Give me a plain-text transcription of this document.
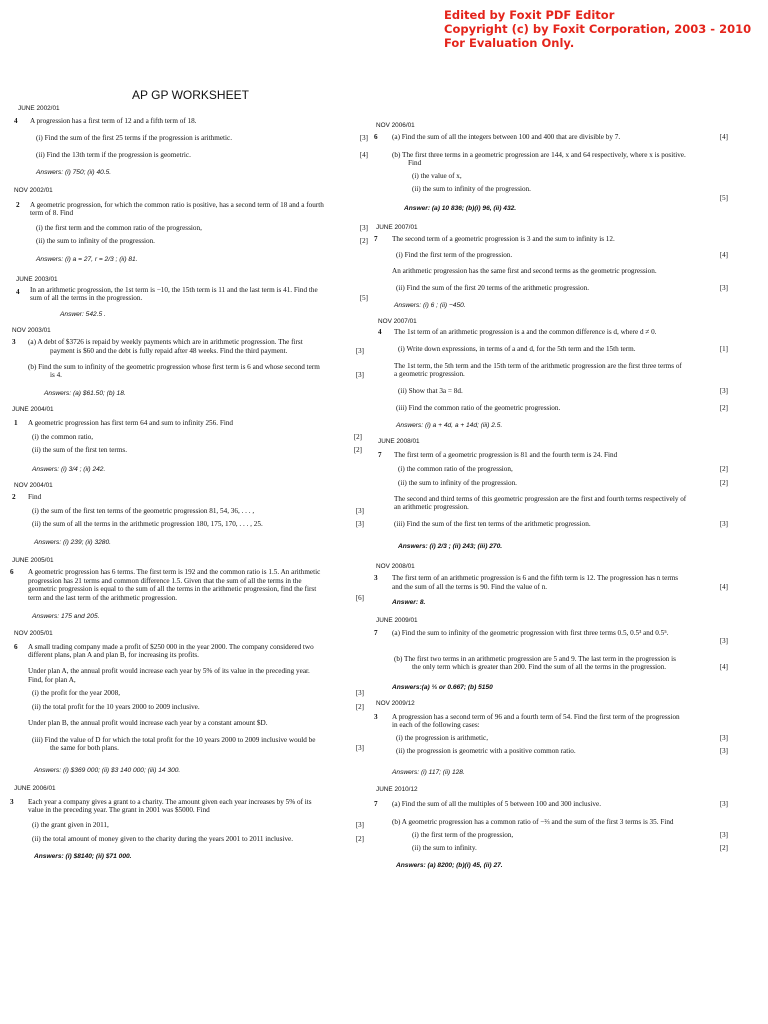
Edited by Foxit PDF Editor
Copyright (c) by Foxit Corporation, 2003 - 2010
For Evaluation Only.
AP GP WORKSHEET
JUNE 2002/01
4 A progression has a first term of 12 and a fifth term of 18.
(i) Find the sum of the first 25 terms if the progression is arithmetic.	[3]
(ii) Find the 13th term if the progression is geometric.	[4]
Answers: (i) 750; (ii) 40.5.
NOV 2002/01
2 A geometric progression, for which the common ratio is positive, has a second term of 18 and a fourth
term of 8. Find
(i) the first term and the common ratio of the progression,	[3]
(ii) the sum to infinity of the progression.	[2]
Answers: (i) a = 27, r = 2/3 ; (ii) 81.
JUNE 2003/01
4 In an arithmetic progression, the 1st term is −10, the 15th term is 11 and the last term is 41. Find the
sum of all the terms in the progression.	[5]
Answer: 542.5 .
NOV 2003/01
3 (a) A debt of $3726 is repaid by weekly payments which are in arithmetic progression. The first
payment is $60 and the debt is fully repaid after 48 weeks. Find the third payment.	[3]
(b) Find the sum to infinity of the geometric progression whose first term is 6 and whose second term
is 4.	[3]
Answers: (a) $61.50; (b) 18.
JUNE 2004/01
1 A geometric progression has first term 64 and sum to infinity 256. Find
(i) the common ratio,	[2]
(ii) the sum of the first ten terms.	[2]
Answers: (i) 3/4 ; (ii) 242.
NOV 2004/01
2 Find
(i) the sum of the first ten terms of the geometric progression 81, 54, 36, . . . ,	[3]
(ii) the sum of all the terms in the arithmetic progression 180, 175, 170, . . . , 25.	[3]
Answers: (i) 239; (ii) 3280.
JUNE 2005/01
6 A geometric progression has 6 terms. The first term is 192 and the common ratio is 1.5. An arithmetic
progression has 21 terms and common difference 1.5. Given that the sum of all the terms in the
geometric progression is equal to the sum of all the terms in the arithmetic progression, find the first
term and the last term of the arithmetic progression.	[6]
Answers: 175 and 205.
NOV 2005/01
6 A small trading company made a profit of $250 000 in the year 2000. The company considered two
different plans, plan A and plan B, for increasing its profits.
Under plan A, the annual profit would increase each year by 5% of its value in the preceding year.
Find, for plan A,
(i) the profit for the year 2008,	[3]
(ii) the total profit for the 10 years 2000 to 2009 inclusive.	[2]
Under plan B, the annual profit would increase each year by a constant amount $D.
(iii) Find the value of D for which the total profit for the 10 years 2000 to 2009 inclusive would be
the same for both plans.	[3]
Answers: (i) $369 000; (ii) $3 140 000; (iii) 14 300.
JUNE 2006/01
3 Each year a company gives a grant to a charity. The amount given each year increases by 5% of its
value in the preceding year. The grant in 2001 was $5000. Find
(i) the grant given in 2011,	[3]
(ii) the total amount of money given to the charity during the years 2001 to 2011 inclusive.	[2]
Answers: (i) $8140; (ii) $71 000.
NOV 2006/01
6 (a) Find the sum of all the integers between 100 and 400 that are divisible by 7.	[4]
(b) The first three terms in a geometric progression are 144, x and 64 respectively, where x is positive.
Find
(i) the value of x,
(ii) the sum to infinity of the progression.
[5]
Answer: (a) 10 836; (b)(i) 96, (ii) 432.
JUNE 2007/01
7 The second term of a geometric progression is 3 and the sum to infinity is 12.
(i) Find the first term of the progression.	[4]
An arithmetic progression has the same first and second terms as the geometric progression.
(ii) Find the sum of the first 20 terms of the arithmetic progression.	[3]
Answers: (i) 6 ; (ii) −450.
NOV 2007/01
4 The 1st term of an arithmetic progression is a and the common difference is d, where d ≠ 0.
(i) Write down expressions, in terms of a and d, for the 5th term and the 15th term.	[1]
The 1st term, the 5th term and the 15th term of the arithmetic progression are the first three terms of
a geometric progression.
(ii) Show that 3a = 8d.	[3]
(iii) Find the common ratio of the geometric progression.	[2]
Answers: (i) a + 4d, a + 14d; (iii) 2.5.
JUNE 2008/01
7 The first term of a geometric progression is 81 and the fourth term is 24. Find
(i) the common ratio of the progression,	[2]
(ii) the sum to infinity of the progression.	[2]
The second and third terms of this geometric progression are the first and fourth terms respectively of
an arithmetic progression.
(iii) Find the sum of the first ten terms of the arithmetic progression.	[3]
Answers: (i) 2/3 ; (ii) 243; (iii) 270.
NOV 2008/01
3 The first term of an arithmetic progression is 6 and the fifth term is 12. The progression has n terms
and the sum of all the terms is 90. Find the value of n.	[4]
Answer: 8.
JUNE 2009/01
7 (a) Find the sum to infinity of the geometric progression with first three terms 0.5, 0.5³ and 0.5⁵.
[3]
(b) The first two terms in an arithmetic progression are 5 and 9. The last term in the progression is
the only term which is greater than 200. Find the sum of all the terms in the progression.	[4]
Answers:(a) ⅓ or 0.667; (b) 5150
NOV 2009/12
3 A progression has a second term of 96 and a fourth term of 54. Find the first term of the progression
in each of the following cases:
(i) the progression is arithmetic,	[3]
(ii) the progression is geometric with a positive common ratio.	[3]
Answers: (i) 117; (ii) 128.
JUNE 2010/12
7 (a) Find the sum of all the multiples of 5 between 100 and 300 inclusive.	[3]
(b) A geometric progression has a common ratio of −⅔ and the sum of the first 3 terms is 35. Find
(i) the first term of the progression,	[3]
(ii) the sum to infinity.	[2]
Answers: (a) 8200; (b)(i) 45, (ii) 27.
